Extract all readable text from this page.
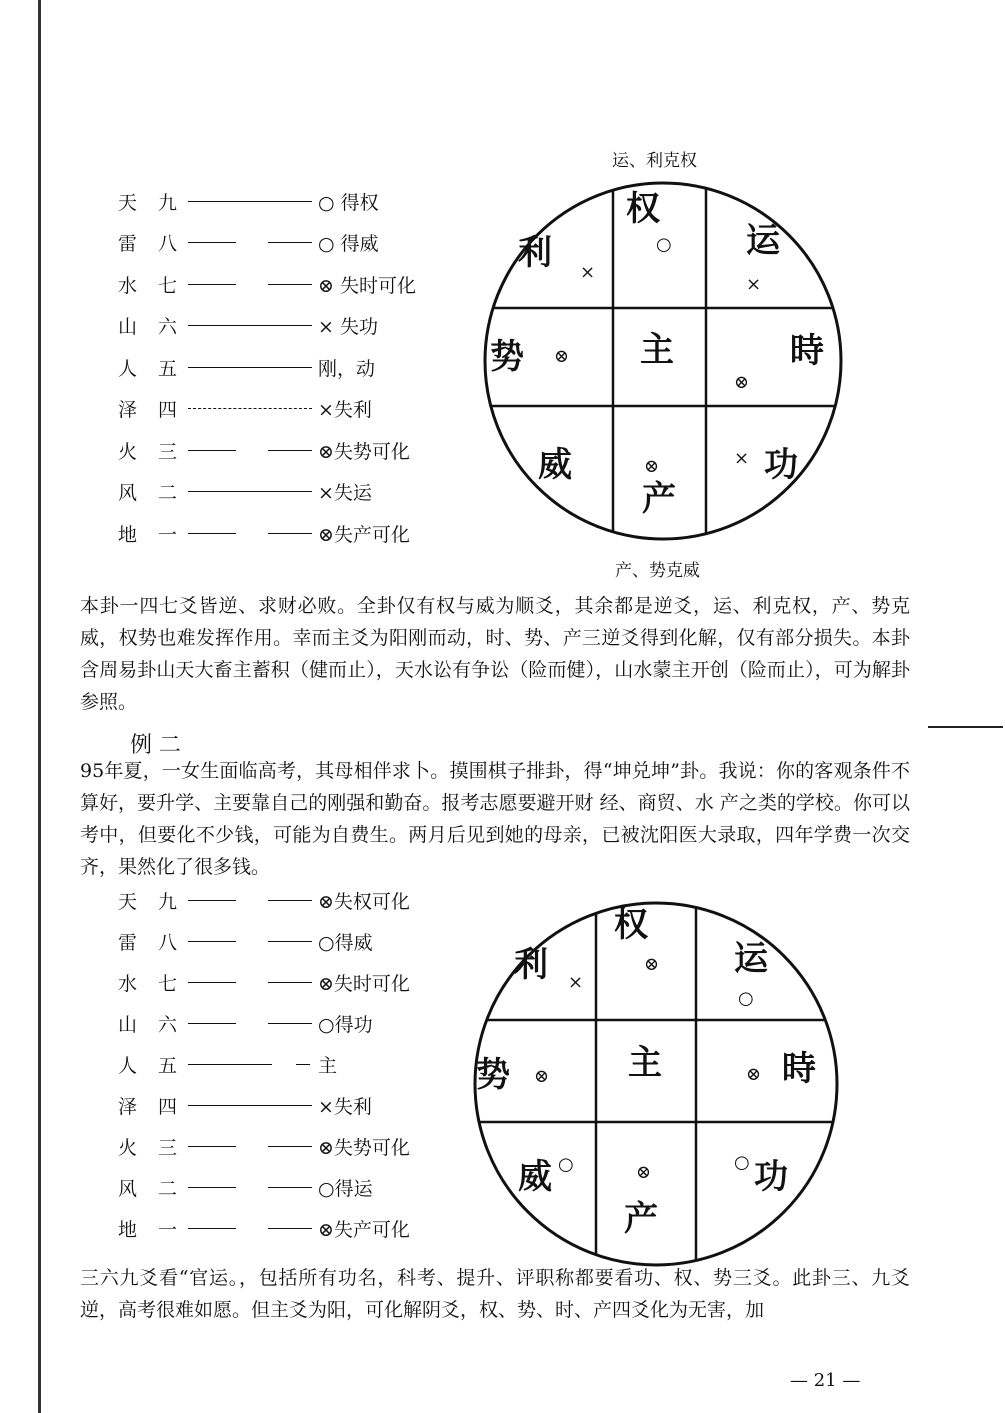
天	九	○ 得权
雷	八	○ 得威
水	七	⊗ 失时可化
山	六	× 失功
人	五	刚，动
泽	四	×失利
火	三	⊗失势可化
风	二	×失运
地	一	⊗失产可化
运、利克权
权
利	运
势	主	時
威
产
功
○
×
×
⊗
⊗
⊗	×
产、势克威
本卦一四七爻皆逆、求财必败。全卦仅有权与威为顺爻，其余都是逆爻，运、利克权，产、势克威，权势也难发挥作用。幸而主爻为阳刚而动，时、势、产三逆爻得到化解，仅有部分损失。本卦含周易卦山天大畜主蓄积（健而止），天水讼有争讼（险而健），山水蒙主开创（险而止），可为解卦参照。
例 二
95年夏，一女生面临高考，其母相伴求卜。摸围棋子排卦，得“坤兑坤”卦。我说：你的客观条件不算好，要升学、主要靠自己的刚强和勤奋。报考志愿要避开财 经、商贸、水 产之类的学校。你可以考中，但要化不少钱，可能为自费生。两月后见到她的母亲，已被沈阳医大录取，四年学费一次交齐，果然化了很多钱。
天	九	⊗失权可化
雷	八	○得威
水	七	⊗失时可化
山	六	○得功
人	五	主
泽	四	×失利
火	三	⊗失势可化
风	二	○得运
地	一	⊗失产可化
权
利	运
势	主	時
威
产
功
⊗
×
○
⊗	⊗
○	⊗	○
三六九爻看“官运。，包括所有功名，科考、提升、评职称都要看功、权、势三爻。此卦三、九爻逆，高考很难如愿。但主爻为阳，可化解阴爻，权、势、时、产四爻化为无害，加
— 21 —
